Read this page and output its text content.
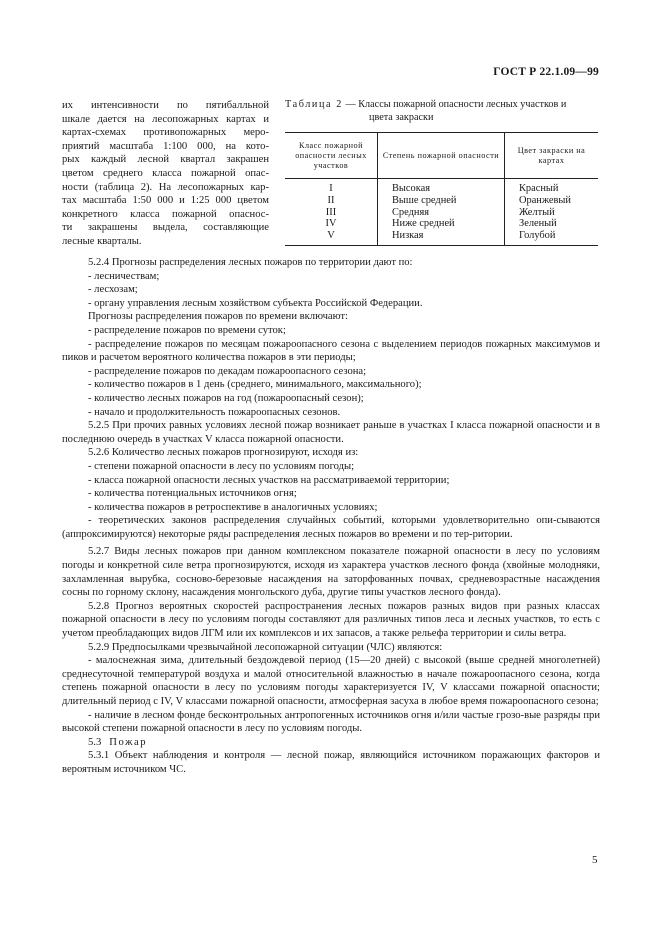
ГОСТ Р 22.1.09—99
их интенсивности по пятибалльной
шкале дается на лесопожарных картах и
картах-схемах противопожарных меро-
приятий масштаба 1:100 000, на кото-
рых каждый лесной квартал закрашен
цветом среднего класса пожарной опас-
ности (таблица 2). На лесопожарных кар-
тах масштаба 1:50 000 и 1:25 000 цветом
конкретного класса пожарной опаснос-
ти закрашены выдела, составляющие
лесные кварталы.
Таблица 2 — Классы пожарной опасности лесных участков и
цвета закраски
Класс пожарной опасности лесных участков	Степень пожарной опасности	Цвет закраски на картах
I	Высокая	Красный
II	Выше средней	Оранжевый
III	Средняя	Желтый
IV	Ниже средней	Зеленый
V	Низкая	Голубой

5.2.4 Прогнозы распределения лесных пожаров по территории дают по:

- лесничествам;

- лесхозам;

- органу управления лесным хозяйством субъекта Российской Федерации.

Прогнозы распределения пожаров по времени включают:

- распределение пожаров по времени суток;

- распределение пожаров по месяцам пожароопасного сезона с выделением периодов пожарных максимумов и пиков и расчетом вероятного количества пожаров в эти периоды;

- распределение пожаров по декадам пожароопасного сезона;

- количество пожаров в 1 день (среднего, минимального, максимального);

- количество лесных пожаров на год (пожароопасный сезон);

- начало и продолжительность пожароопасных сезонов.

5.2.5 При прочих равных условиях лесной пожар возникает раньше в участках I класса пожарной опасности и в последнюю очередь в участках V класса пожарной опасности.

5.2.6 Количество лесных пожаров прогнозируют, исходя из:

- степени пожарной опасности в лесу по условиям погоды;

- класса пожарной опасности лесных участков на рассматриваемой территории;

- количества потенциальных источников огня;

- количества пожаров в ретроспективе в аналогичных условиях;

- теоретических законов распределения случайных событий, которыми удовлетворительно опи-сываются (аппроксимируются) некоторые ряды распределения лесных пожаров во времени и по тер-ритории.

5.2.7 Виды лесных пожаров при данном комплексном показателе пожарной опасности в лесу по условиям погоды и конкретной силе ветра прогнозируются, исходя из характера участков лесного фонда (хвойные молодняки, захламленная вырубка, сосново-березовые насаждения на заторфованных почвах, средневозрастные насаждения сосны по горному склону, насаждения монгольского дуба, другие типы участков лесного фонда).

5.2.8 Прогноз вероятных скоростей распространения лесных пожаров разных видов при разных классах пожарной опасности в лесу по условиям погоды составляют для различных типов леса и лесных участков, то есть с учетом преобладающих видов ЛГМ или их комплексов и их запасов, а также рельефа территории и силы ветра.

5.2.9 Предпосылками чрезвычайной лесопожарной ситуации (ЧЛС) являются:

- малоснежная зима, длительный бездождевой период (15—20 дней) с высокой (выше средней многолетней) среднесуточной температурой воздуха и малой относительной влажностью в начале пожароопасного сезона, когда степень пожарной опасности в лесу по условиям погоды характеризуется IV, V классами пожарной опасности; длительный период с IV, V классами пожарной опасности, атмосферная засуха в любое время пожароопасного сезона;

- наличие в лесном фонде бесконтрольных антропогенных источников огня и/или частые грозо-вые разряды при высокой степени пожарной опасности в лесу по условиям погоды.

5.3 Пожар

5.3.1 Объект наблюдения и контроля — лесной пожар, являющийся источником поражающих факторов и вероятным источником ЧС.

5
